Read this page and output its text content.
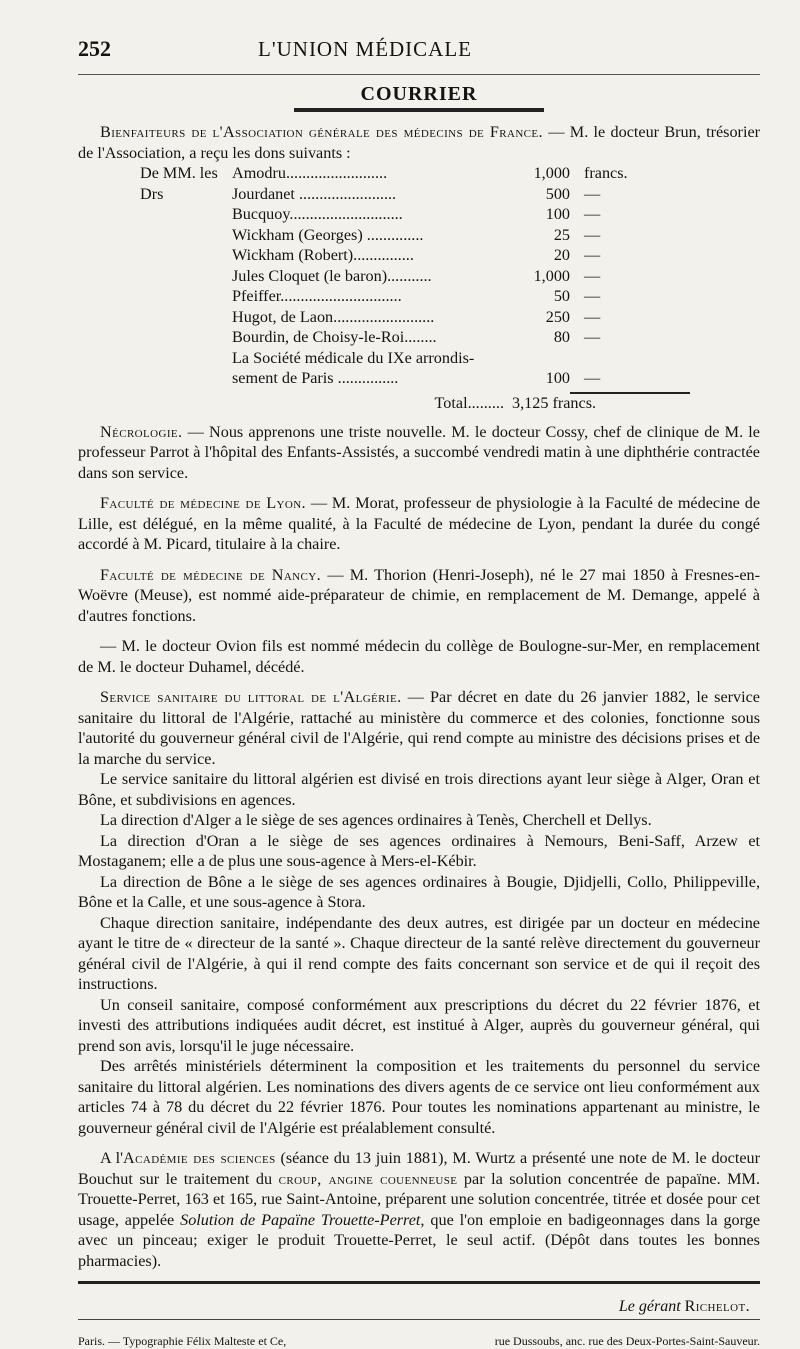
252	L'UNION MÉDICALE
COURRIER

Bienfaiteurs de l'Association générale des médecins de France. — M. le docteur Brun, trésorier de l'Association, a reçu les dons suivants :

De MM. les Drs
Amodru.........................	1,000 francs.
Jourdanet ........................	500 —
Bucquoy............................	100 —
Wickham (Georges) ..............	25 —
Wickham (Robert)...............	20 —
Jules Cloquet (le baron)...........	1,000 —
Pfeiffer..............................	50 —
Hugot, de Laon.........................	250 —
Bourdin, de Choisy-le-Roi........	80 —
La Société médicale du IXe arrondis-
sement de Paris ...............	100 —
Total......... 3,125 francs.

Nécrologie. — Nous apprenons une triste nouvelle. M. le docteur Cossy, chef de clinique de M. le professeur Parrot à l'hôpital des Enfants-Assistés, a succombé vendredi matin à une diphthérie contractée dans son service.

Faculté de médecine de Lyon. — M. Morat, professeur de physiologie à la Faculté de médecine de Lille, est délégué, en la même qualité, à la Faculté de médecine de Lyon, pendant la durée du congé accordé à M. Picard, titulaire à la chaire.

Faculté de médecine de Nancy. — M. Thorion (Henri-Joseph), né le 27 mai 1850 à Fresnes-en-Woëvre (Meuse), est nommé aide-préparateur de chimie, en remplacement de M. Demange, appelé à d'autres fonctions.

— M. le docteur Ovion fils est nommé médecin du collège de Boulogne-sur-Mer, en remplacement de M. le docteur Duhamel, décédé.

Service sanitaire du littoral de l'Algérie. — Par décret en date du 26 janvier 1882, le service sanitaire du littoral de l'Algérie, rattaché au ministère du commerce et des colonies, fonctionne sous l'autorité du gouverneur général civil de l'Algérie, qui rend compte au ministre des décisions prises et de la marche du service.

Le service sanitaire du littoral algérien est divisé en trois directions ayant leur siège à Alger, Oran et Bône, et subdivisions en agences.

La direction d'Alger a le siège de ses agences ordinaires à Tenès, Cherchell et Dellys.

La direction d'Oran a le siège de ses agences ordinaires à Nemours, Beni-Saff, Arzew et Mostaganem; elle a de plus une sous-agence à Mers-el-Kébir.

La direction de Bône a le siège de ses agences ordinaires à Bougie, Djidjelli, Collo, Philippeville, Bône et la Calle, et une sous-agence à Stora.

Chaque direction sanitaire, indépendante des deux autres, est dirigée par un docteur en médecine ayant le titre de « directeur de la santé ». Chaque directeur de la santé relève directement du gouverneur général civil de l'Algérie, à qui il rend compte des faits concernant son service et de qui il reçoit des instructions.

Un conseil sanitaire, composé conformément aux prescriptions du décret du 22 février 1876, et investi des attributions indiquées audit décret, est institué à Alger, auprès du gouverneur général, qui prend son avis, lorsqu'il le juge nécessaire.

Des arrêtés ministériels déterminent la composition et les traitements du personnel du service sanitaire du littoral algérien. Les nominations des divers agents de ce service ont lieu conformément aux articles 74 à 78 du décret du 22 février 1876. Pour toutes les nominations appartenant au ministre, le gouverneur général civil de l'Algérie est préalablement consulté.

A l'Académie des sciences (séance du 13 juin 1881), M. Wurtz a présenté une note de M. le docteur Bouchut sur le traitement du croup, angine couenneuse par la solution concentrée de papaïne. MM. Trouette-Perret, 163 et 165, rue Saint-Antoine, préparent une solution concentrée, titrée et dosée pour cet usage, appelée Solution de Papaïne Trouette-Perret, que l'on emploie en badigeonnages dans la gorge avec un pinceau; exiger le produit Trouette-Perret, le seul actif. (Dépôt dans toutes les bonnes pharmacies).

Le gérant Richelot.
Paris. — Typographie Félix Malteste et Ce,	rue Dussoubs, anc. rue des Deux-Portes-Saint-Sauveur.
